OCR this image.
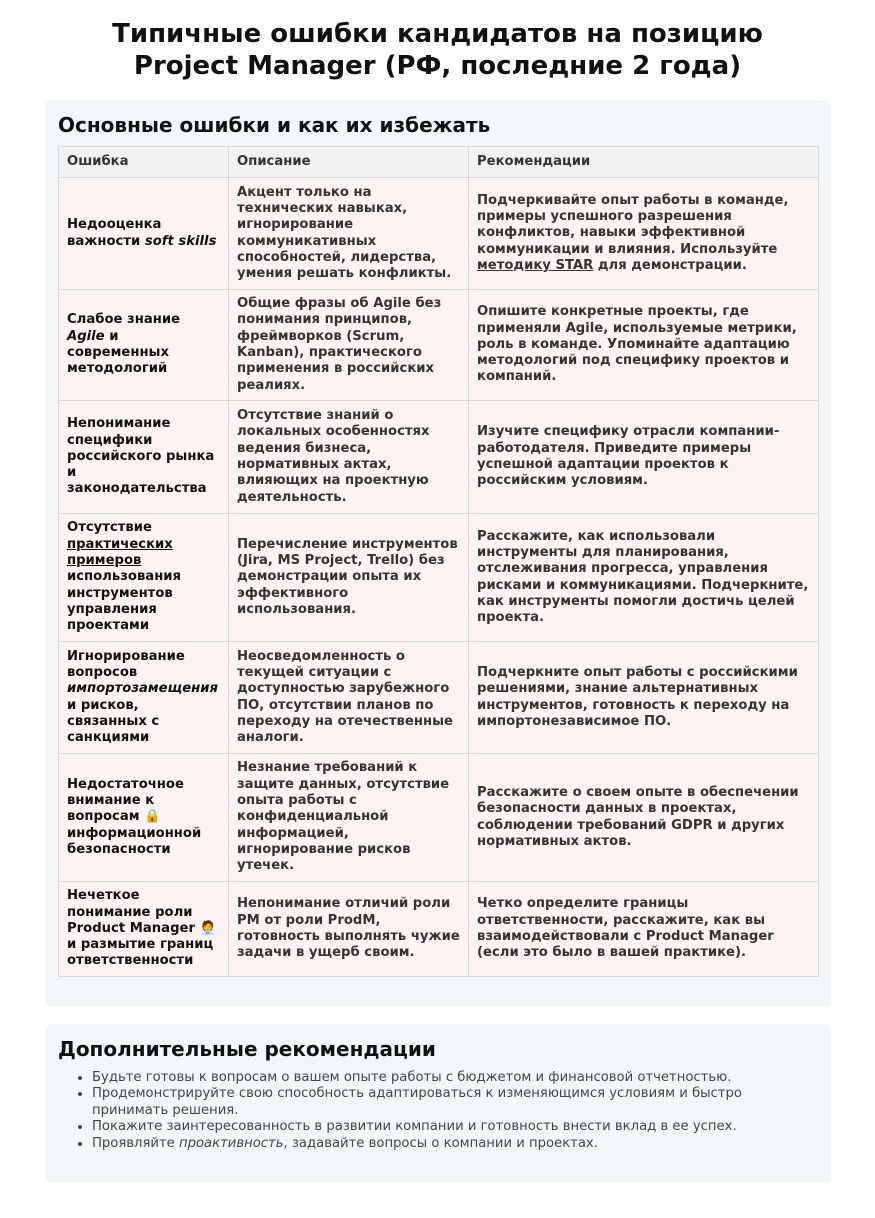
Типичные ошибки кандидатов на позицию
Project Manager (РФ, последние 2 года)
Основные ошибки и как их избежать
Ошибка	Описание	Рекомендации
Недооценка важности soft skills	Акцент только на технических навыках, игнорирование коммуникативных способностей, лидерства, умения решать конфликты.	Подчеркивайте опыт работы в команде, примеры успешного разрешения конфликтов, навыки эффективной коммуникации и влияния. Используйте методику STAR для демонстрации.
Слабое знание Agile и современных методологий	Общие фразы об Agile без понимания принципов, фреймворков (Scrum, Kanban), практического применения в российских реалиях.	Опишите конкретные проекты, где применяли Agile, используемые метрики, роль в команде. Упоминайте адаптацию методологий под специфику проектов и компаний.
Непонимание специфики российского рынка и законодательства	Отсутствие знаний о локальных особенностях ведения бизнеса, нормативных актах, влияющих на проектную деятельность.	Изучите специфику отрасли компании-работодателя. Приведите примеры успешной адаптации проектов к российским условиям.
Отсутствие практических примеров использования инструментов управления проектами	Перечисление инструментов (Jira, MS Project, Trello) без демонстрации опыта их эффективного использования.	Расскажите, как использовали инструменты для планирования, отслеживания прогресса, управления рисками и коммуникациями. Подчеркните, как инструменты помогли достичь целей проекта.
Игнорирование вопросов импортозамещения и рисков, связанных с санкциями	Неосведомленность о текущей ситуации с доступностью зарубежного ПО, отсутствии планов по переходу на отечественные аналоги.	Подчеркните опыт работы с российскими решениями, знание альтернативных инструментов, готовность к переходу на импортонезависимое ПО.
Недостаточное внимание к вопросам 🔒 информационной безопасности	Незнание требований к защите данных, отсутствие опыта работы с конфиденциальной информацией, игнорирование рисков утечек.	Расскажите о своем опыте в обеспечении безопасности данных в проектах, соблюдении требований GDPR и других нормативных актов.
Нечеткое понимание роли Product Manager 🧑‍💼 и размытие границ ответственности	Непонимание отличий роли PM от роли ProdM, готовность выполнять чужие задачи в ущерб своим.	Четко определите границы ответственности, расскажите, как вы взаимодействовали с Product Manager (если это было в вашей практике).
Дополнительные рекомендации
• Будьте готовы к вопросам о вашем опыте работы с бюджетом и финансовой отчетностью.
• Продемонстрируйте свою способность адаптироваться к изменяющимся условиям и быстро принимать решения.
• Покажите заинтересованность в развитии компании и готовность внести вклад в ее успех.
• Проявляйте проактивность, задавайте вопросы о компании и проектах.
